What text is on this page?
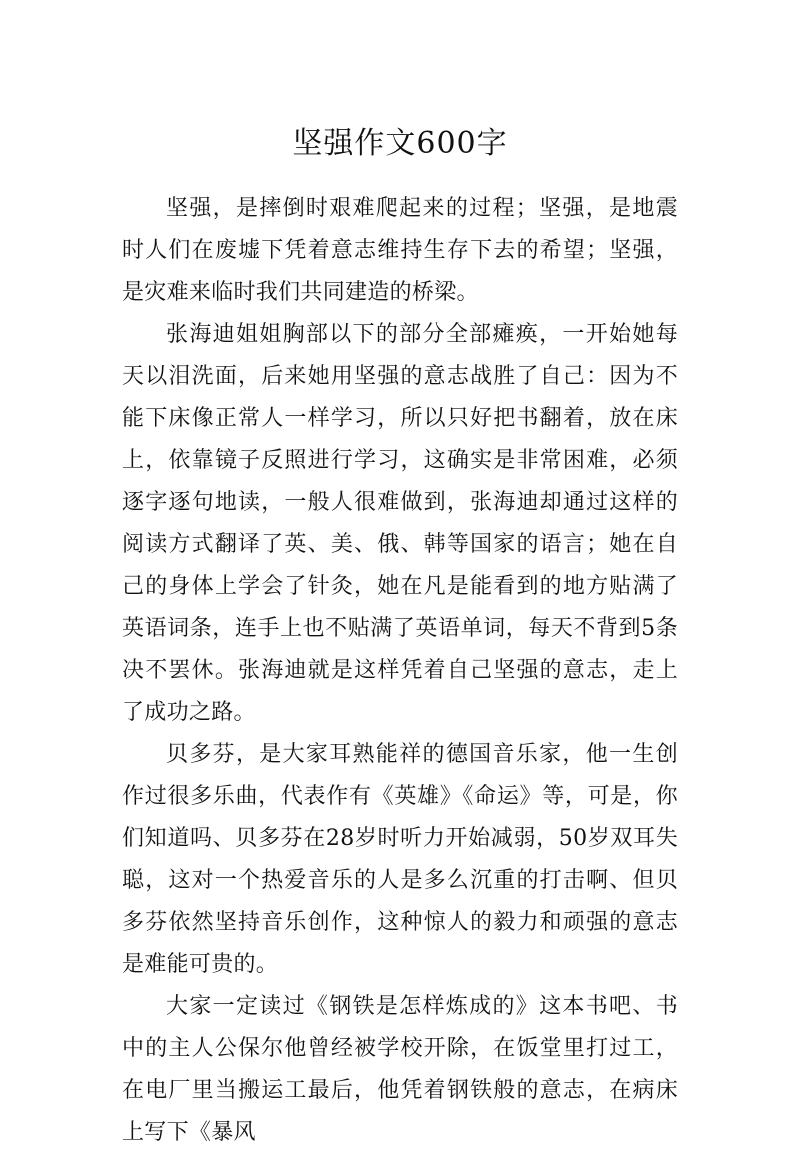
坚强作文600字

坚强，是摔倒时艰难爬起来的过程；坚强，是地震时人们在废墟下凭着意志维持生存下去的希望；坚强，是灾难来临时我们共同建造的桥梁。

张海迪姐姐胸部以下的部分全部瘫痪，一开始她每天以泪洗面，后来她用坚强的意志战胜了自己：因为不能下床像正常人一样学习，所以只好把书翻着，放在床上，依靠镜子反照进行学习，这确实是非常困难，必须逐字逐句地读，一般人很难做到，张海迪却通过这样的阅读方式翻译了英、美、俄、韩等国家的语言；她在自己的身体上学会了针灸，她在凡是能看到的地方贴满了英语词条，连手上也不贴满了英语单词，每天不背到5条决不罢休。张海迪就是这样凭着自己坚强的意志，走上了成功之路。

贝多芬，是大家耳熟能祥的德国音乐家，他一生创作过很多乐曲，代表作有《英雄》《命运》等，可是，你们知道吗、贝多芬在28岁时听力开始减弱，50岁双耳失聪，这对一个热爱音乐的人是多么沉重的打击啊、但贝多芬依然坚持音乐创作，这种惊人的毅力和顽强的意志是难能可贵的。

大家一定读过《钢铁是怎样炼成的》这本书吧、书中的主人公保尔他曾经被学校开除，在饭堂里打过工，在电厂里当搬运工最后，他凭着钢铁般的意志，在病床上写下《暴风
